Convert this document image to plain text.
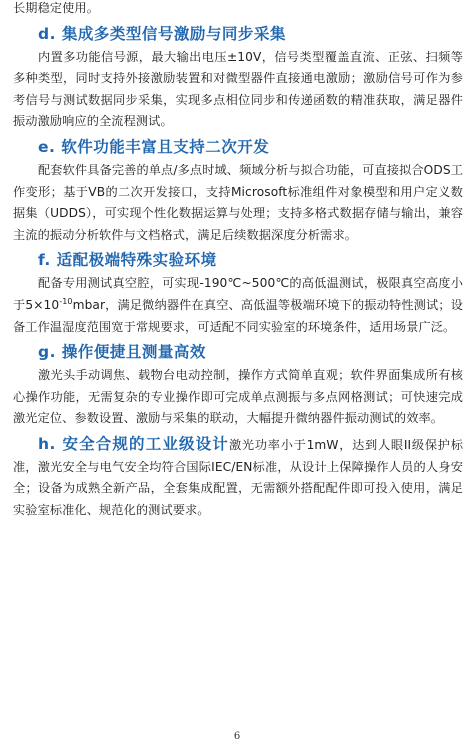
长期稳定使用。

d. 集成多类型信号激励与同步采集

内置多功能信号源，最大输出电压±10V，信号类型覆盖直流、正弦、扫频等多种类型，同时支持外接激励装置和对微型器件直接通电激励；激励信号可作为参考信号与测试数据同步采集，实现多点相位同步和传递函数的精准获取，满足器件振动激励响应的全流程测试。

e. 软件功能丰富且支持二次开发

配套软件具备完善的单点/多点时域、频域分析与拟合功能，可直接拟合ODS工作变形；基于VB的二次开发接口，支持Microsoft标准组件对象模型和用户定义数据集（UDDS），可实现个性化数据运算与处理；支持多格式数据存储与输出，兼容主流的振动分析软件与文档格式，满足后续数据深度分析需求。

f. 适配极端特殊实验环境

配备专用测试真空腔，可实现-190℃~500℃的高低温测试，极限真空高度小于$5\times 10^{-10}mbar$，满足微纳器件在真空、高低温等极端环境下的振动特性测试；设备工作温湿度范围宽于常规要求，可适配不同实验室的环境条件，适用场景广泛。

g. 操作便捷且测量高效

激光头手动调焦、载物台电动控制，操作方式简单直观；软件界面集成所有核心操作功能，无需复杂的专业操作即可完成单点测振与多点网格测试；可快速完成激光定位、参数设置、激励与采集的联动，大幅提升微纳器件振动测试的效率。

h. 安全合规的工业级设计激光功率小于1mW，达到人眼II级保护标准，激光安全与电气安全均符合国际IEC/EN标准，从设计上保障操作人员的人身安全；设备为成熟全新产品，全套集成配置，无需额外搭配配件即可投入使用，满足实验室标准化、规范化的测试要求。

6
